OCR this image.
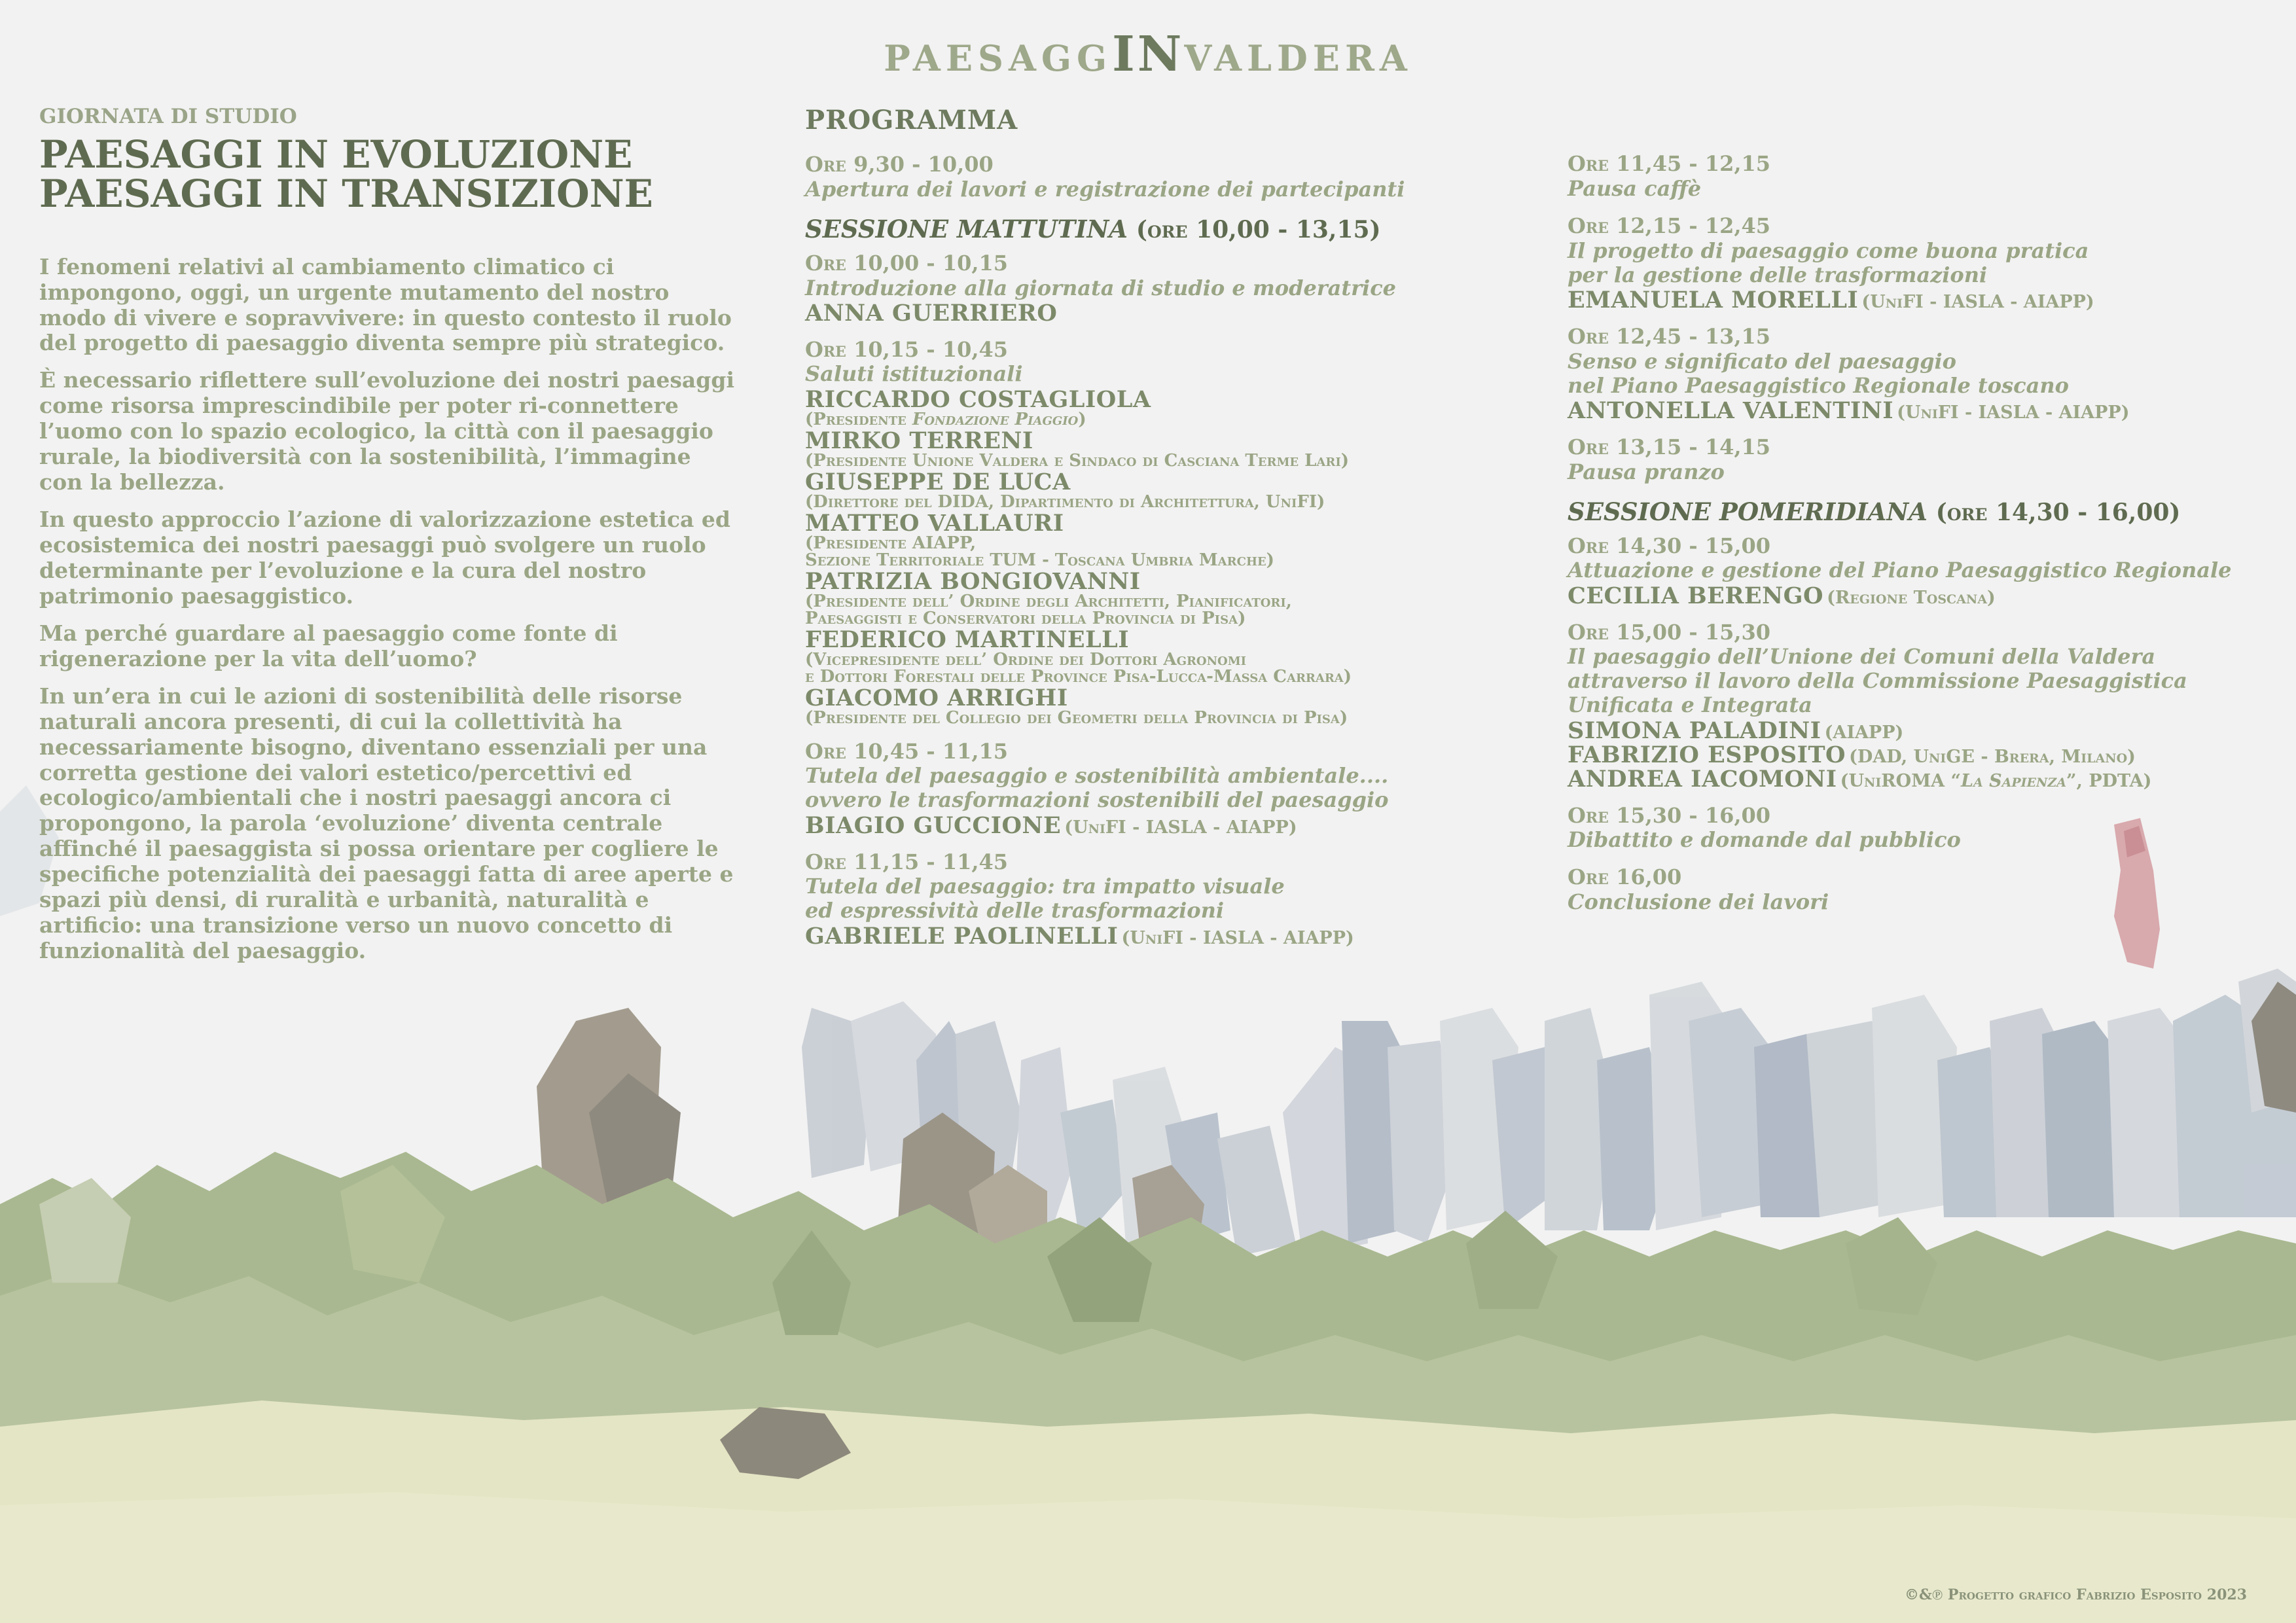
PAESAGGINVALDERA
GIORNATA DI STUDIO
PAESAGGI IN EVOLUZIONE
PAESAGGI IN TRANSIZIONE

I fenomeni relativi al cambiamento climatico ci impongono, oggi, un urgente mutamento del nostro modo di vivere e sopravvivere: in questo contesto il ruolo del progetto di paesaggio diventa sempre più strategico.

È necessario riflettere sull’evoluzione dei nostri paesaggi come risorsa imprescindibile per poter ri-connettere l’uomo con lo spazio ecologico, la città con il paesaggio rurale, la biodiversità con la sostenibilità, l’immagine con la bellezza.

In questo approccio l’azione di valorizzazione estetica ed ecosistemica dei nostri paesaggi può svolgere un ruolo determinante per l’evoluzione e la cura del nostro patrimonio paesaggistico.

Ma perché guardare al paesaggio come fonte di rigenerazione per la vita dell’uomo?

In un’era in cui le azioni di sostenibilità delle risorse naturali ancora presenti, di cui la collettività ha necessariamente bisogno, diventano essenziali per una corretta gestione dei valori estetico/percettivi ed ecologico/ambientali che i nostri paesaggi ancora ci propongono, la parola ‘evoluzione’ diventa centrale affinché il paesaggista si possa orientare per cogliere le specifiche potenzialità dei paesaggi fatta di aree aperte e spazi più densi, di ruralità e urbanità, naturalità e artificio: una transizione verso un nuovo concetto di funzionalità del paesaggio.

PROGRAMMA
Ore 9,30 - 10,00
Apertura dei lavori e registrazione dei partecipanti
SESSIONE MATTUTINA (ore 10,00 - 13,15)
Ore 10,00 - 10,15
Introduzione alla giornata di studio e moderatrice
ANNA GUERRIERO
Ore 10,15 - 10,45
Saluti istituzionali
RICCARDO COSTAGLIOLA
(Presidente Fondazione Piaggio)
MIRKO TERRENI
(Presidente Unione Valdera e Sindaco di Casciana Terme Lari)
GIUSEPPE DE LUCA
(Direttore del DIDA, Dipartimento di Architettura, UniFI)
MATTEO VALLAURI
(Presidente AIAPP,
Sezione Territoriale TUM - Toscana Umbria Marche)
PATRIZIA BONGIOVANNI
(Presidente dell’ Ordine degli Architetti, Pianificatori,
Paesaggisti e Conservatori della Provincia di Pisa)
FEDERICO MARTINELLI
(Vicepresidente dell’ Ordine dei Dottori Agronomi
e Dottori Forestali delle Province Pisa-Lucca-Massa Carrara)
GIACOMO ARRIGHI
(Presidente del Collegio dei Geometri della Provincia di Pisa)
Ore 10,45 - 11,15
Tutela del paesaggio e sostenibilità ambientale....
ovvero le trasformazioni sostenibili del paesaggio
BIAGIO GUCCIONE (UniFI - IASLA - AIAPP)
Ore 11,15 - 11,45
Tutela del paesaggio: tra impatto visuale
ed espressività delle trasformazioni
GABRIELE PAOLINELLI (UniFI - IASLA - AIAPP)
Ore 11,45 - 12,15
Pausa caffè
Ore 12,15 - 12,45
Il progetto di paesaggio come buona pratica
per la gestione delle trasformazioni
EMANUELA MORELLI (UniFI - IASLA - AIAPP)
Ore 12,45 - 13,15
Senso e significato del paesaggio
nel Piano Paesaggistico Regionale toscano
ANTONELLA VALENTINI (UniFI - IASLA - AIAPP)
Ore 13,15 - 14,15
Pausa pranzo
SESSIONE POMERIDIANA (ore 14,30 - 16,00)
Ore 14,30 - 15,00
Attuazione e gestione del Piano Paesaggistico Regionale
CECILIA BERENGO (Regione Toscana)
Ore 15,00 - 15,30
Il paesaggio dell’Unione dei Comuni della Valdera
attraverso il lavoro della Commissione Paesaggistica
Unificata e Integrata
SIMONA PALADINI (AIAPP)
FABRIZIO ESPOSITO (DAD, UniGE - Brera, Milano)
ANDREA IACOMONI (UniROMA “La Sapienza”, PDTA)
Ore 15,30 - 16,00
Dibattito e domande dal pubblico
Ore 16,00
Conclusione dei lavori
©&℗ Progetto grafico Fabrizio Esposito 2023
